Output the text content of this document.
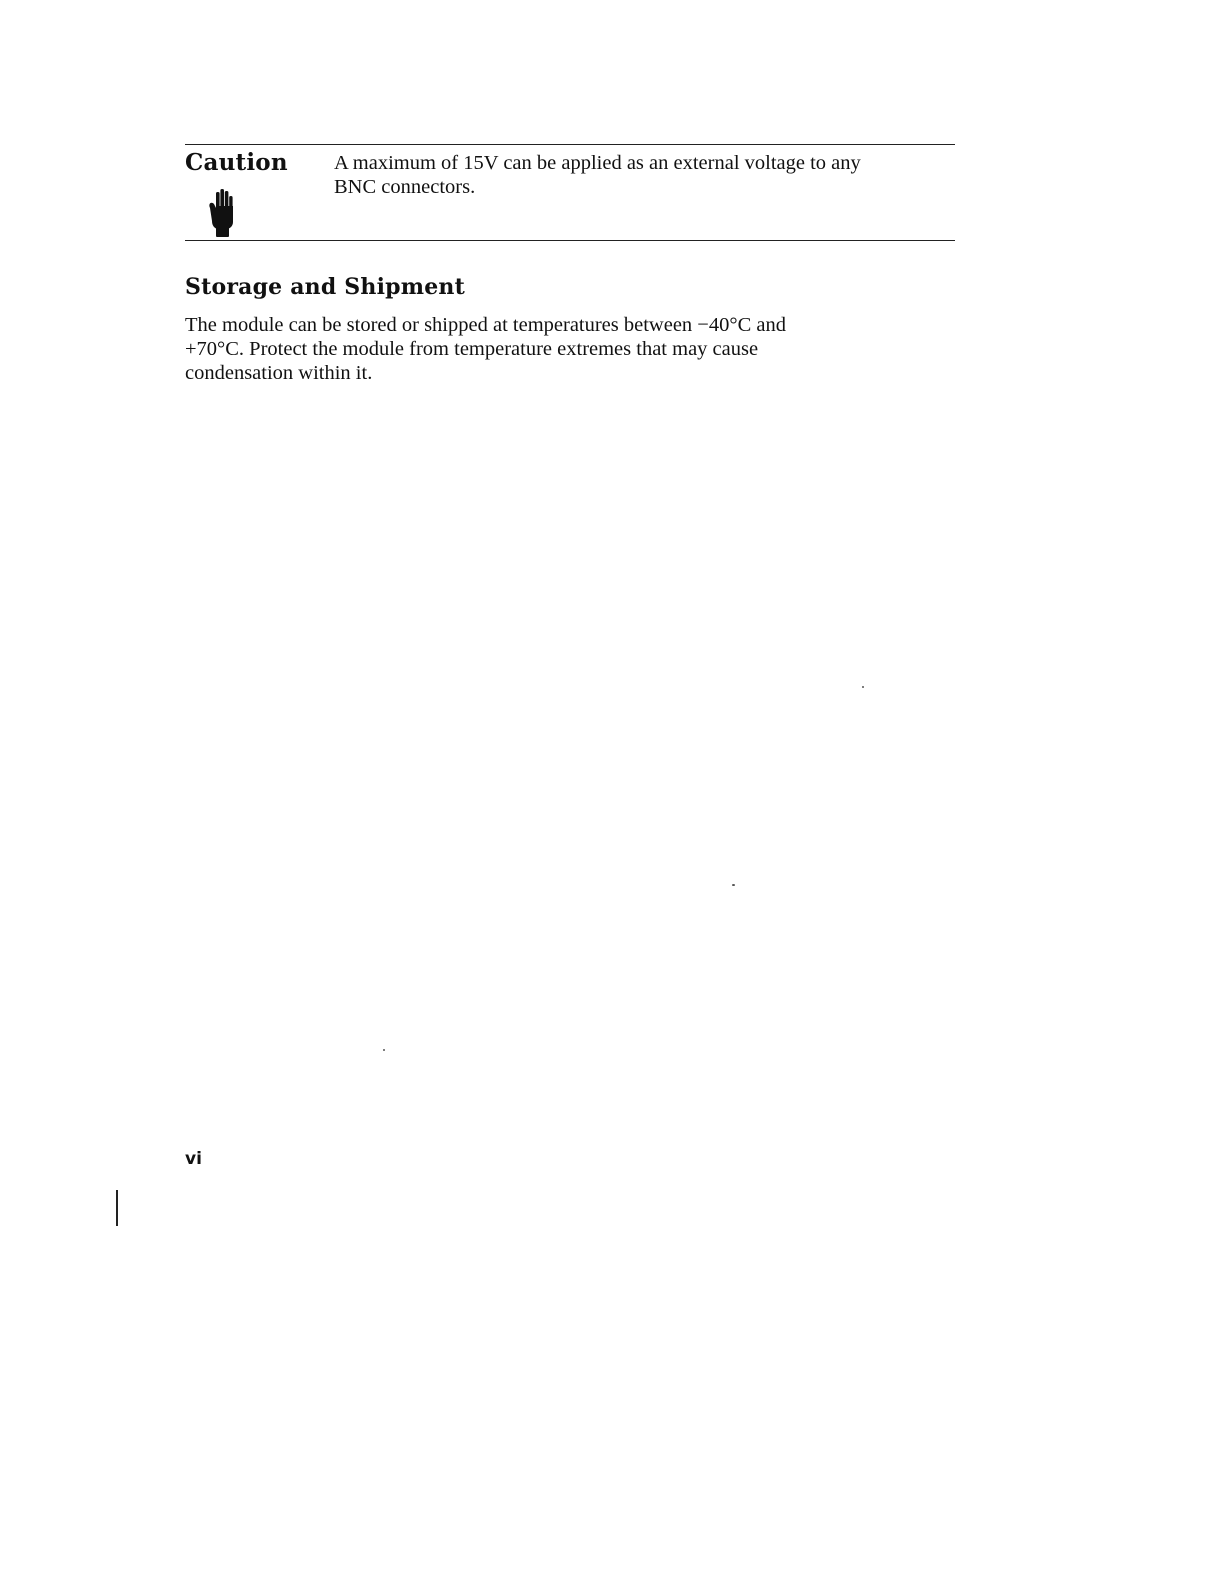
Caution A maximum of 15V can be applied as an external voltage to any
BNC connectors.
Storage and Shipment
The module can be stored or shipped at temperatures between −40°C and
+70°C. Protect the module from temperature extremes that may cause
condensation within it.
vi
